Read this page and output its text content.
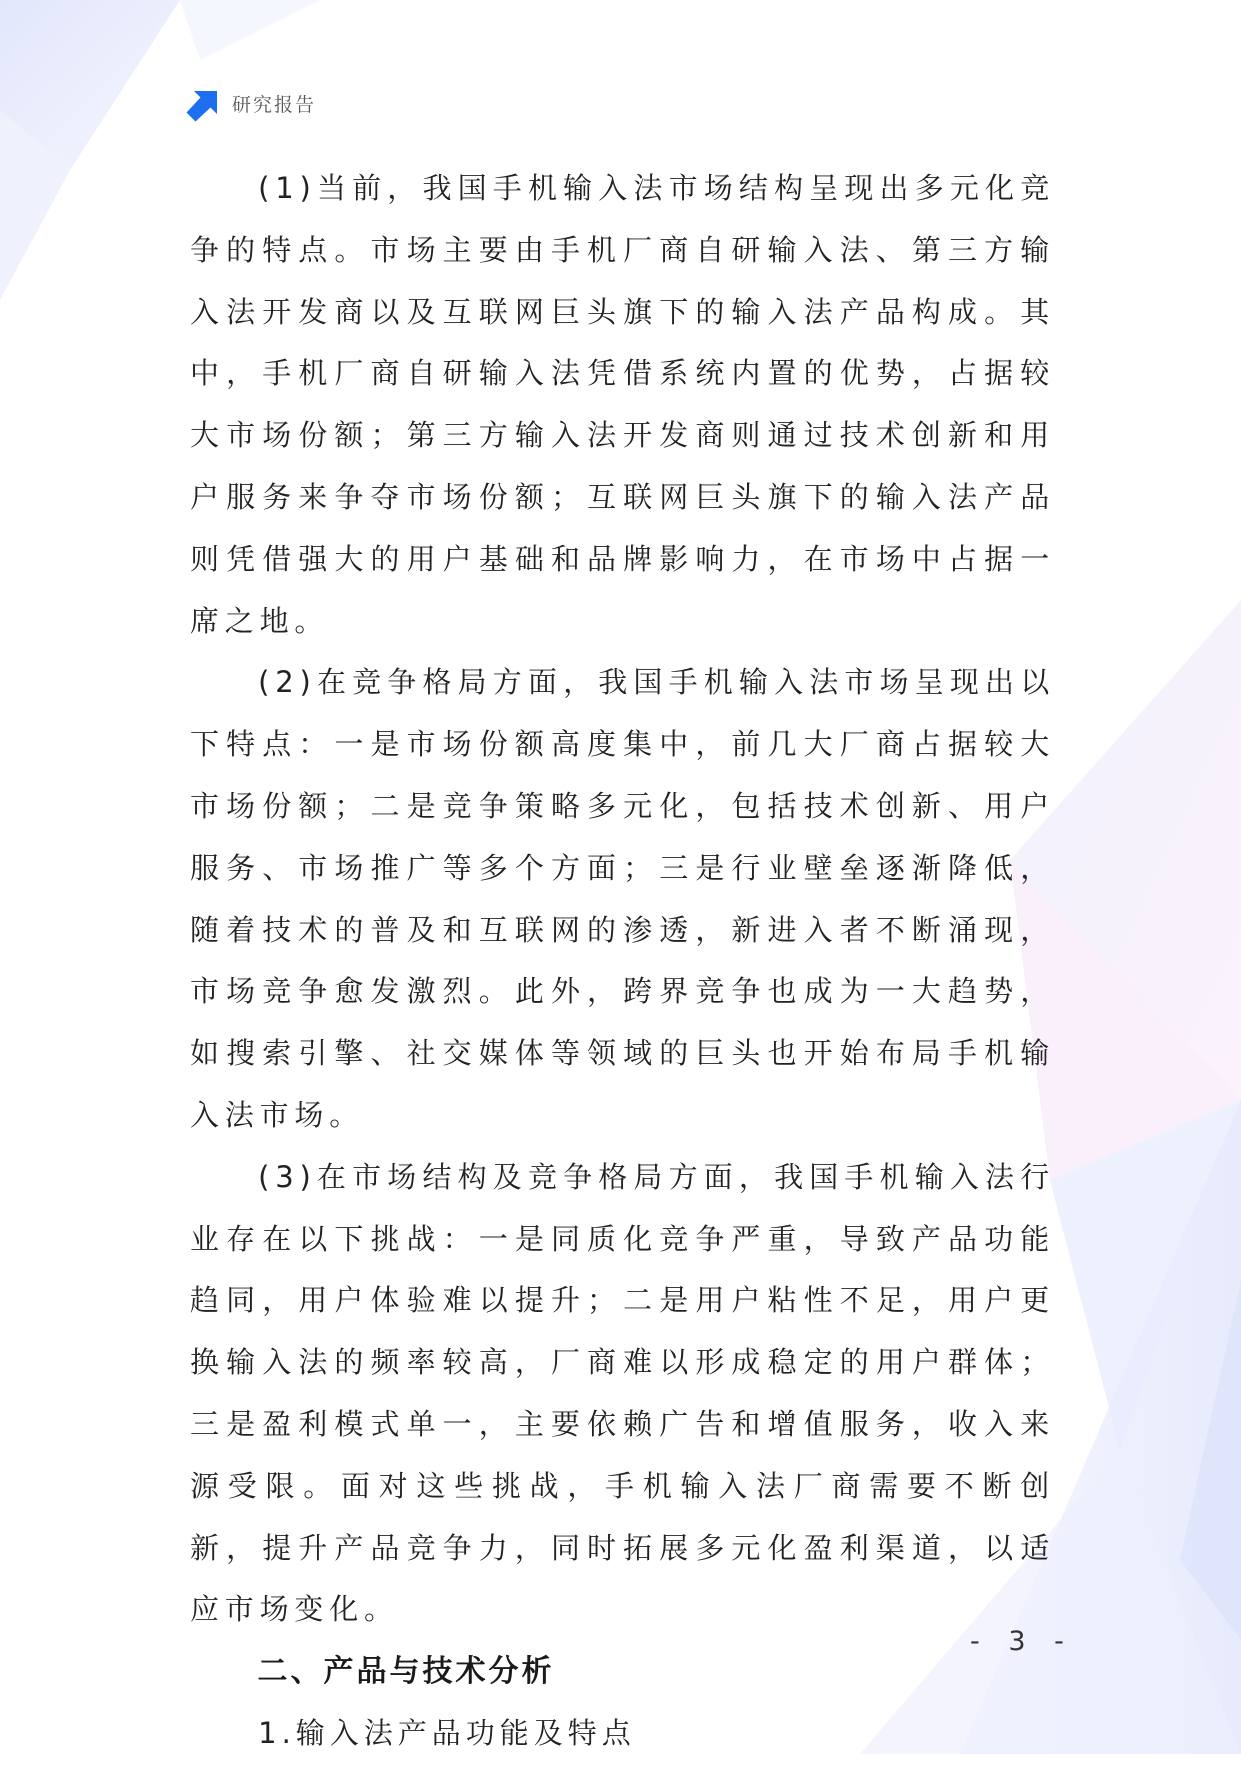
研究报告

(1)当前，我国手机输入法市场结构呈现出多元化竞争的特点。市场主要由手机厂商自研输入法、第三方输入法开发商以及互联网巨头旗下的输入法产品构成。其中，手机厂商自研输入法凭借系统内置的优势，占据较大市场份额；第三方输入法开发商则通过技术创新和用户服务来争夺市场份额；互联网巨头旗下的输入法产品则凭借强大的用户基础和品牌影响力，在市场中占据一席之地。

(2)在竞争格局方面，我国手机输入法市场呈现出以下特点：一是市场份额高度集中，前几大厂商占据较大市场份额；二是竞争策略多元化，包括技术创新、用户服务、市场推广等多个方面；三是行业壁垒逐渐降低，随着技术的普及和互联网的渗透，新进入者不断涌现，市场竞争愈发激烈。此外，跨界竞争也成为一大趋势，如搜索引擎、社交媒体等领域的巨头也开始布局手机输入法市场。

(3)在市场结构及竞争格局方面，我国手机输入法行业存在以下挑战：一是同质化竞争严重，导致产品功能趋同，用户体验难以提升；二是用户粘性不足，用户更换输入法的频率较高，厂商难以形成稳定的用户群体；三是盈利模式单一，主要依赖广告和增值服务，收入来源受限。面对这些挑战，手机输入法厂商需要不断创新，提升产品竞争力，同时拓展多元化盈利渠道，以适应市场变化。

二、产品与技术分析

1.输入法产品功能及特点

- 3 -
